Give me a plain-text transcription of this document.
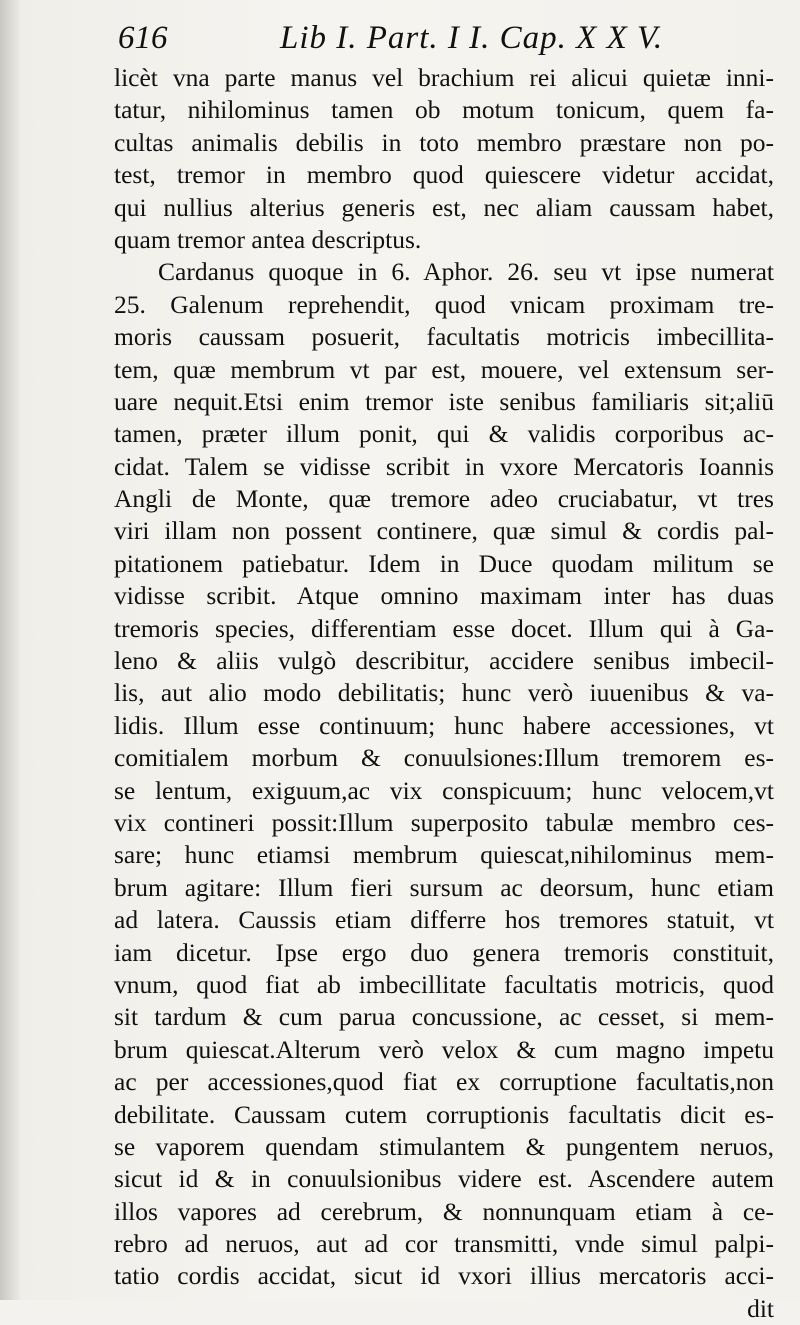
616	Lib I. Part. I I. Cap. X X V.
licèt vna parte manus vel brachium rei alicui quietæ inni-
tatur, nihilominus tamen ob motum tonicum, quem fa-
cultas animalis debilis in toto membro præstare non po-
test, tremor in membro quod quiescere videtur accidat,
qui nullius alterius generis est, nec aliam caussam habet,
quam tremor antea descriptus.
Cardanus quoque in 6. Aphor. 26. seu vt ipse numerat
25. Galenum reprehendit, quod vnicam proximam tre-
moris caussam posuerit, facultatis motricis imbecillita-
tem, quæ membrum vt par est, mouere, vel extensum ser-
uare nequit.Etsi enim tremor iste senibus familiaris sit;aliū
tamen, præter illum ponit, qui & validis corporibus ac-
cidat. Talem se vidisse scribit in vxore Mercatoris Ioannis
Angli de Monte, quæ tremore adeo cruciabatur, vt tres
viri illam non possent continere, quæ simul & cordis pal-
pitationem patiebatur. Idem in Duce quodam militum se
vidisse scribit. Atque omnino maximam inter has duas
tremoris species, differentiam esse docet. Illum qui à Ga-
leno & aliis vulgò describitur, accidere senibus imbecil-
lis, aut alio modo debilitatis; hunc verò iuuenibus & va-
lidis. Illum esse continuum; hunc habere accessiones, vt
comitialem morbum & conuulsiones:Illum tremorem es-
se lentum, exiguum,ac vix conspicuum; hunc velocem,vt
vix contineri possit:Illum superposito tabulæ membro ces-
sare; hunc etiamsi membrum quiescat,nihilominus mem-
brum agitare: Illum fieri sursum ac deorsum, hunc etiam
ad latera. Caussis etiam differre hos tremores statuit, vt
iam dicetur. Ipse ergo duo genera tremoris constituit,
vnum, quod fiat ab imbecillitate facultatis motricis, quod
sit tardum & cum parua concussione, ac cesset, si mem-
brum quiescat.Alterum verò velox & cum magno impetu
ac per accessiones,quod fiat ex corruptione facultatis,non
debilitate. Caussam cutem corruptionis facultatis dicit es-
se vaporem quendam stimulantem & pungentem neruos,
sicut id & in conuulsionibus videre est. Ascendere autem
illos vapores ad cerebrum, & nonnunquam etiam à ce-
rebro ad neruos, aut ad cor transmitti, vnde simul palpi-
tatio cordis accidat, sicut id vxori illius mercatoris acci-
dit
